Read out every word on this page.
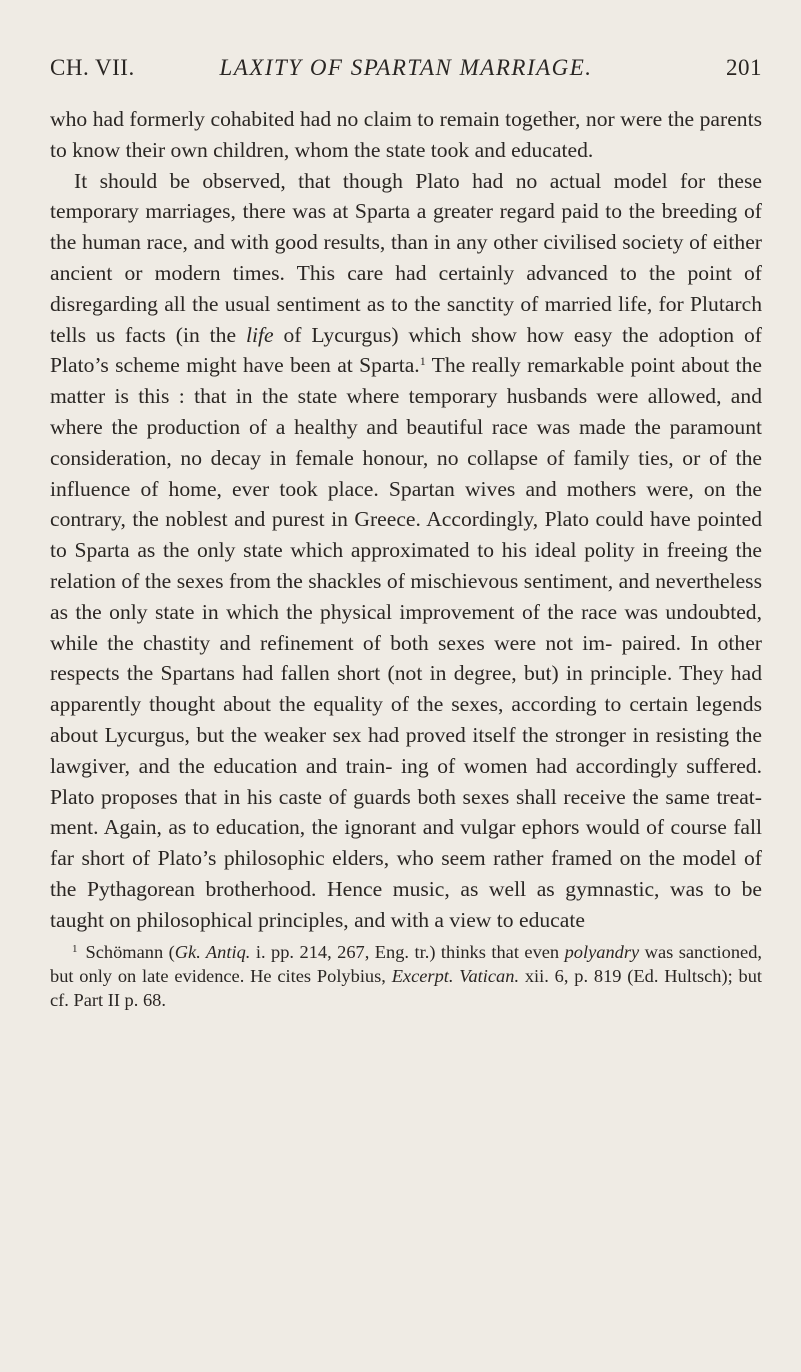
CH. VII.	LAXITY OF SPARTAN MARRIAGE.	201

who had formerly cohabited had no claim to remain together, nor were the parents to know their own children, whom the state took and educated.

It should be observed, that though Plato had no actual model for these temporary marriages, there was at Sparta a greater regard paid to the breeding of the human race, and with good results, than in any other civilised society of either ancient or modern times. This care had certainly advanced to the point of disregarding all the usual sentiment as to the sanctity of married life, for Plutarch tells us facts (in the life of Lycurgus) which show how easy the adoption of Plato’s scheme might have been at Sparta.$^1$ The really remarkable point about the matter is this : that in the state where temporary husbands were allowed, and where the production of a healthy and beautiful race was made the paramount consideration, no decay in female honour, no collapse of family ties, or of the influence of home, ever took place. Spartan wives and mothers were, on the contrary, the noblest and purest in Greece. Accordingly, Plato could have pointed to Sparta as the only state which approximated to his ideal polity in freeing the relation of the sexes from the shackles of mischievous sentiment, and nevertheless as the only state in which the physical improvement of the race was undoubted, while the chastity and refinement of both sexes were not im- paired. In other respects the Spartans had fallen short (not in degree, but) in principle. They had apparently thought about the equality of the sexes, according to certain legends about Lycurgus, but the weaker sex had proved itself the stronger in resisting the lawgiver, and the education and train- ing of women had accordingly suffered. Plato proposes that in his caste of guards both sexes shall receive the same treat- ment. Again, as to education, the ignorant and vulgar ephors would of course fall far short of Plato’s philosophic elders, who seem rather framed on the model of the Pythagorean brotherhood. Hence music, as well as gymnastic, was to be taught on philosophical principles, and with a view to educate

$^1$ Schömann (Gk. Antiq. i. pp. 214, 267, Eng. tr.) thinks that even polyandry was sanctioned, but only on late evidence. He cites Polybius, Excerpt. Vatican. xii. 6, p. 819 (Ed. Hultsch); but cf. Part II p. 68.
